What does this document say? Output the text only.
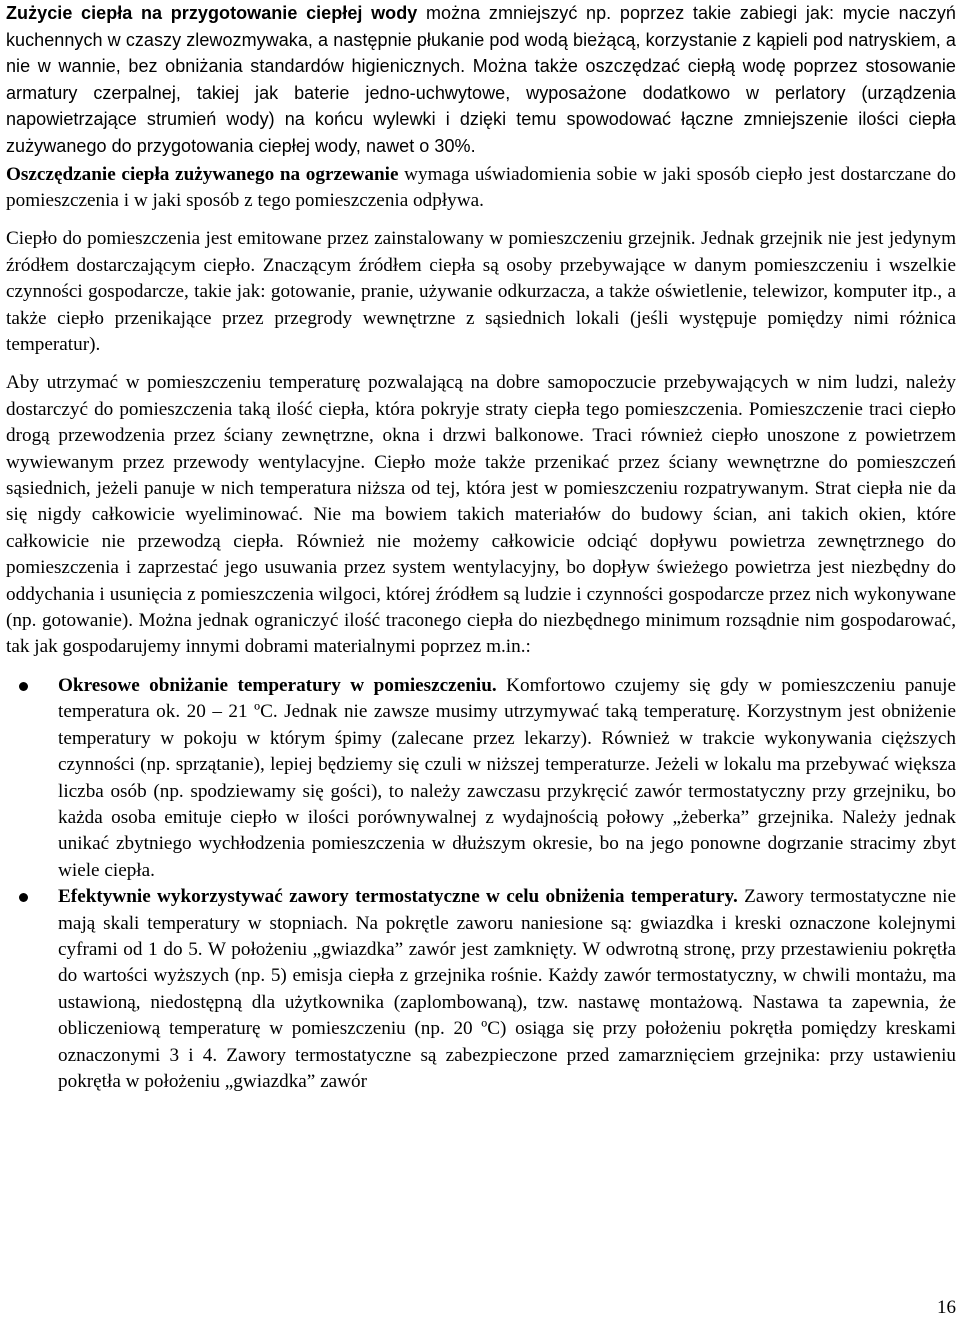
Zużycie ciepła na przygotowanie ciepłej wody można zmniejszyć np. poprzez takie zabiegi jak: mycie naczyń kuchennych w czaszy zlewozmywaka, a następnie płukanie pod wodą bieżącą, korzystanie z kąpieli pod natryskiem, a nie w wannie, bez obniżania standardów higienicznych. Można także oszczędzać ciepłą wodę poprzez stosowanie armatury czerpalnej, takiej jak baterie jedno-uchwytowe, wyposażone dodatkowo w perlatory (urządzenia napowietrzające strumień wody) na końcu wylewki i dzięki temu spowodować łączne zmniejszenie ilości ciepła zużywanego do przygotowania ciepłej wody, nawet o 30%.

Oszczędzanie ciepła zużywanego na ogrzewanie wymaga uświadomienia sobie w jaki sposób ciepło jest dostarczane do pomieszczenia i w jaki sposób z tego pomieszczenia odpływa.

Ciepło do pomieszczenia jest emitowane przez zainstalowany w pomieszczeniu grzejnik. Jednak grzejnik nie jest jedynym źródłem dostarczającym ciepło. Znaczącym źródłem ciepła są osoby przebywające w danym pomieszczeniu i wszelkie czynności gospodarcze, takie jak: gotowanie, pranie, używanie odkurzacza, a także oświetlenie, telewizor, komputer itp., a także ciepło przenikające przez przegrody wewnętrzne z sąsiednich lokali (jeśli występuje pomiędzy nimi różnica temperatur).

Aby utrzymać w pomieszczeniu temperaturę pozwalającą na dobre samopoczucie przebywających w nim ludzi, należy dostarczyć do pomieszczenia taką ilość ciepła, która pokryje straty ciepła tego pomieszczenia. Pomieszczenie traci ciepło drogą przewodzenia przez ściany zewnętrzne, okna i drzwi balkonowe. Traci również ciepło unoszone z powietrzem wywiewanym przez przewody wentylacyjne. Ciepło może także przenikać przez ściany wewnętrzne do pomieszczeń sąsiednich, jeżeli panuje w nich temperatura niższa od tej, która jest w pomieszczeniu rozpatrywanym. Strat ciepła nie da się nigdy całkowicie wyeliminować. Nie ma bowiem takich materiałów do budowy ścian, ani takich okien, które całkowicie nie przewodzą ciepła. Również nie możemy całkowicie odciąć dopływu powietrza zewnętrznego do pomieszczenia i zaprzestać jego usuwania przez system wentylacyjny, bo dopływ świeżego powietrza jest niezbędny do oddychania i usunięcia z pomieszczenia wilgoci, której źródłem są ludzie i czynności gospodarcze przez nich wykonywane (np. gotowanie). Można jednak ograniczyć ilość traconego ciepła do niezbędnego minimum rozsądnie nim gospodarować, tak jak gospodarujemy innymi dobrami materialnymi poprzez m.in.:

Okresowe obniżanie temperatury w pomieszczeniu. Komfortowo czujemy się gdy w pomieszczeniu panuje temperatura ok. 20 – 21 ºC. Jednak nie zawsze musimy utrzymywać taką temperaturę. Korzystnym jest obniżenie temperatury w pokoju w którym śpimy (zalecane przez lekarzy). Również w trakcie wykonywania cięższych czynności (np. sprzątanie), lepiej będziemy się czuli w niższej temperaturze. Jeżeli w lokalu ma przebywać większa liczba osób (np. spodziewamy się gości), to należy zawczasu przykręcić zawór termostatyczny przy grzejniku, bo każda osoba emituje ciepło w ilości porównywalnej z wydajnością połowy „żeberka” grzejnika. Należy jednak unikać zbytniego wychłodzenia pomieszczenia w dłuższym okresie, bo na jego ponowne dogrzanie stracimy zbyt wiele ciepła.
Efektywnie wykorzystywać zawory termostatyczne w celu obniżenia temperatury. Zawory termostatyczne nie mają skali temperatury w stopniach. Na pokrętle zaworu naniesione są: gwiazdka i kreski oznaczone kolejnymi cyframi od 1 do 5. W położeniu „gwiazdka” zawór jest zamknięty. W odwrotną stronę, przy przestawieniu pokrętła do wartości wyższych (np. 5) emisja ciepła z grzejnika rośnie. Każdy zawór termostatyczny, w chwili montażu, ma ustawioną, niedostępną dla użytkownika (zaplombowaną), tzw. nastawę montażową. Nastawa ta zapewnia, że obliczeniową temperaturę w pomieszczeniu (np. 20 ºC) osiąga się przy położeniu pokrętła pomiędzy kreskami oznaczonymi 3 i 4. Zawory termostatyczne są zabezpieczone przed zamarznięciem grzejnika: przy ustawieniu pokrętła w położeniu „gwiazdka” zawór
16
